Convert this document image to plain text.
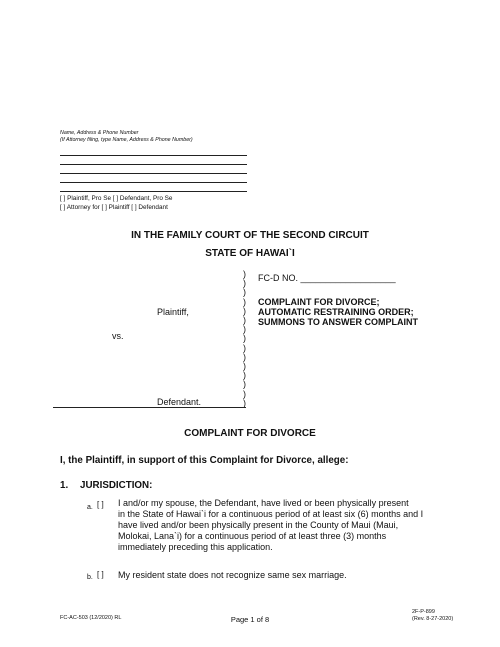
Name, Address & Phone Number
(If Attorney filing, type Name, Address & Phone Number)
[ ] Plaintiff, Pro Se [ ] Defendant, Pro Se
[ ] Attorney for [ ] Plaintiff [ ] Defendant
IN THE FAMILY COURT OF THE SECOND CIRCUIT
STATE OF HAWAI`I
)
)
)
)
)
)
)
)
)
)
)
)
)
)
)
FC-D NO. ___________________
COMPLAINT FOR DIVORCE;
AUTOMATIC RESTRAINING ORDER;
SUMMONS TO ANSWER COMPLAINT
Plaintiff,
vs.
Defendant.
COMPLAINT FOR DIVORCE
I, the Plaintiff, in support of this Complaint for Divorce, allege:
1. JURISDICTION:
a. [ ] I and/or my spouse, the Defendant, have lived or been physically present
in the State of Hawai`i for a continuous period of at least six (6) months and I
have lived and/or been physically present in the County of Maui (Maui,
Molokai, Lana`i) for a continuous period of at least three (3) months
immediately preceding this application.
b. [ ] My resident state does not recognize same sex marriage.
FC-AC-503 (12/2020) RL	Page 1 of 8
2F-P-899
(Rev. 8-27-2020)
